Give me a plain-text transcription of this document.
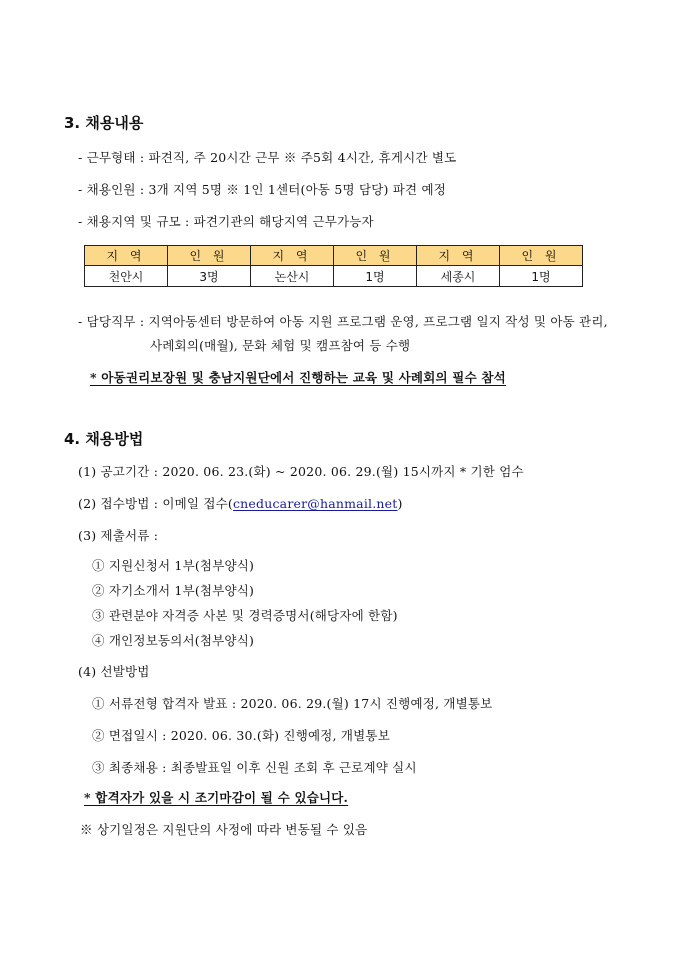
3. 채용내용
- 근무형태 : 파견직, 주 20시간 근무 ※ 주5회 4시간, 휴게시간 별도
- 채용인원 : 3개 지역 5명 ※ 1인 1센터(아동 5명 담당) 파견 예정
- 채용지역 및 규모 : 파견기관의 해당지역 근무가능자
지 역	인 원	지 역	인 원	지 역	인 원
천안시	3명	논산시	1명	세종시	1명
- 담당직무 : 지역아동센터 방문하여 아동 지원 프로그램 운영, 프로그램 일지 작성 및 아동 관리,
사례회의(매월), 문화 체험 및 캠프참여 등 수행
* 아동권리보장원 및 충남지원단에서 진행하는 교육 및 사례회의 필수 참석
4. 채용방법
(1) 공고기간 : 2020. 06. 23.(화) ~ 2020. 06. 29.(월) 15시까지 * 기한 엄수
(2) 접수방법 : 이메일 접수(cneducarer@hanmail.net)
(3) 제출서류 :
① 지원신청서 1부(첨부양식)
② 자기소개서 1부(첨부양식)
③ 관련분야 자격증 사본 및 경력증명서(해당자에 한함)
④ 개인정보동의서(첨부양식)
(4) 선발방법
① 서류전형 합격자 발표 : 2020. 06. 29.(월) 17시 진행예정, 개별통보
② 면접일시 : 2020. 06. 30.(화) 진행예정, 개별통보
③ 최종채용 : 최종발표일 이후 신원 조회 후 근로계약 실시
* 합격자가 있을 시 조기마감이 될 수 있습니다.
※ 상기일정은 지원단의 사정에 따라 변동될 수 있음
